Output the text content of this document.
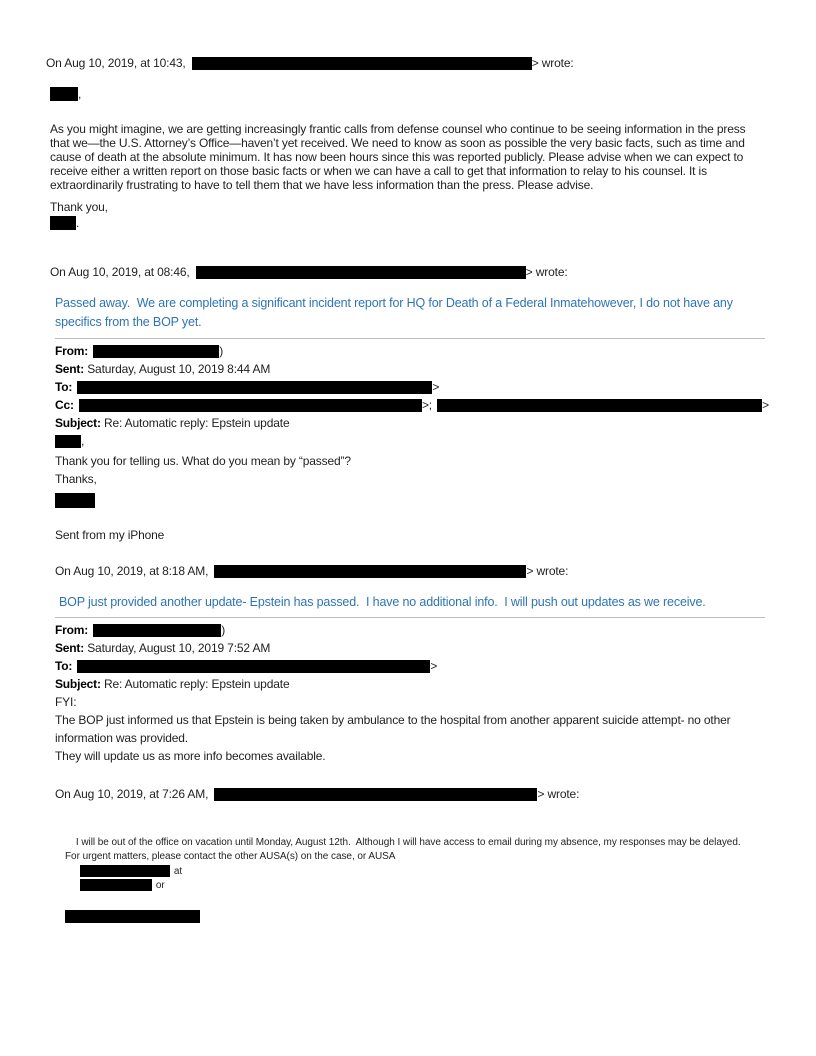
On Aug 10, 2019, at 10:43,	> wrote:
,
As you might imagine, we are getting increasingly frantic calls from defense counsel who continue to be seeing information in the press that we—the U.S. Attorney’s Office—haven’t yet received. We need to know as soon as possible the very basic facts, such as time and cause of death at the absolute minimum. It has now been hours since this was reported publicly. Please advise when we can expect to receive either a written report on those basic facts or when we can have a call to get that information to relay to his counsel. It is extraordinarily frustrating to have to tell them that we have less information than the press. Please advise.
Thank you,
.
On Aug 10, 2019, at 08:46,	> wrote:
Passed away.  We are completing a significant incident report for HQ for Death of a Federal Inmatehowever, I do not have any specifics from the BOP yet.
From:	)
Sent: Saturday, August 10, 2019 8:44 AM
To:	>
Cc:	>;	>
Subject: Re: Automatic reply: Epstein update
,
Thank you for telling us. What do you mean by “passed”?
Thanks,
Sent from my iPhone
On Aug 10, 2019, at 8:18 AM,	> wrote:
BOP just provided another update- Epstein has passed.  I have no additional info.  I will push out updates as we receive.
From:	)
Sent: Saturday, August 10, 2019 7:52 AM
To:	>
Subject: Re: Automatic reply: Epstein update
FYI:
The BOP just informed us that Epstein is being taken by ambulance to the hospital from another apparent suicide attempt- no other information was provided.
They will update us as more info becomes available.
On Aug 10, 2019, at 7:26 AM,	> wrote:

I will be out of the office on vacation until Monday, August 12th.  Although I will have access to email during my absence, my responses may be delayed.  For urgent matters, please contact the other AUSA(s) on the case, or AUSA
at
or
